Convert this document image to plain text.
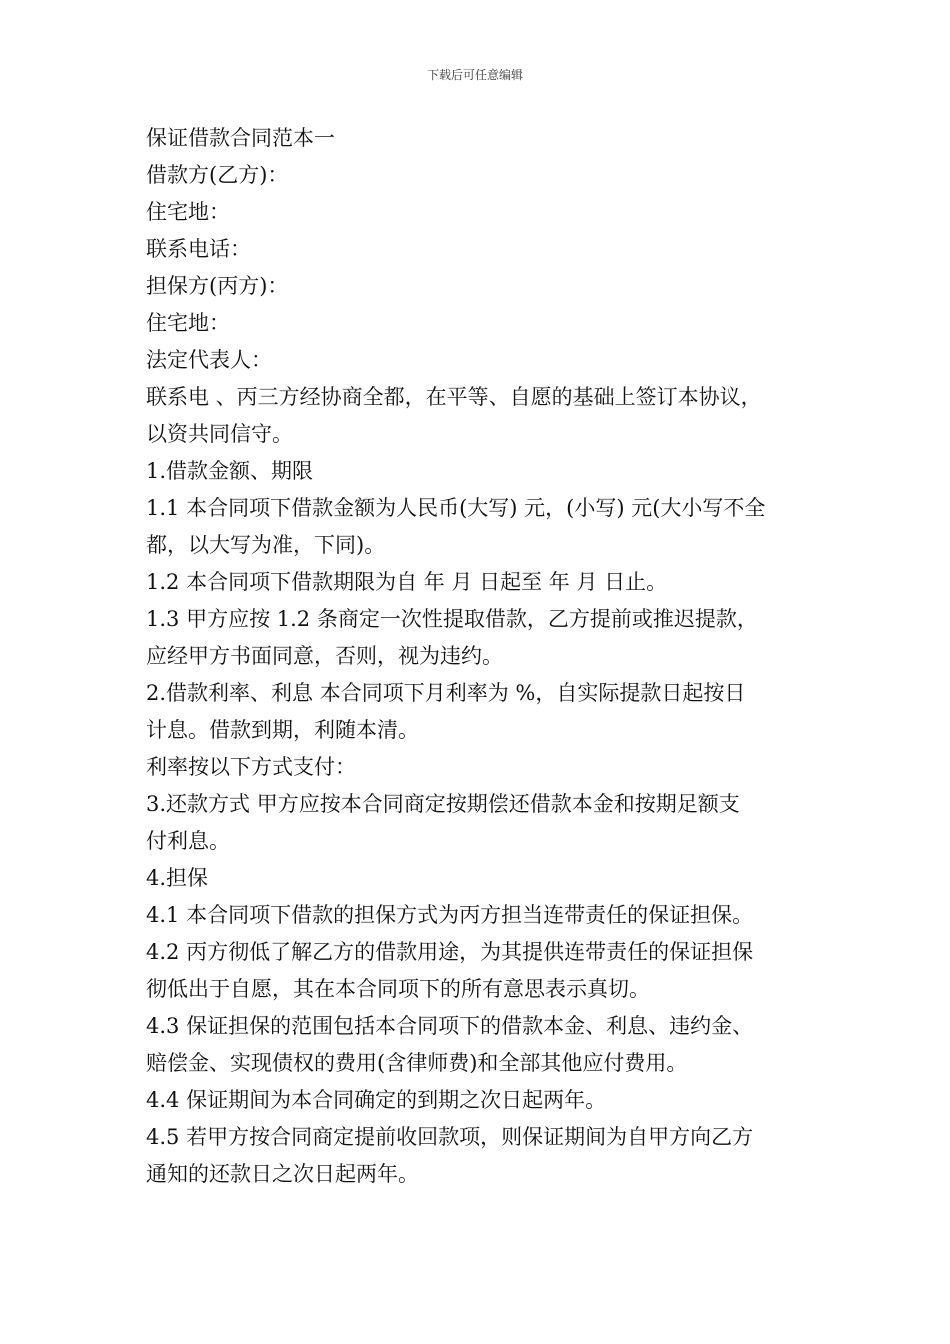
下载后可任意编辑
保证借款合同范本一
借款方(乙方)：
住宅地：
联系电话：
担保方(丙方)：
住宅地：
法定代表人：
联系电 、丙三方经协商全都，在平等、自愿的基础上签订本协议，
以资共同信守。
1.借款金额、期限
1.1 本合同项下借款金额为人民币(大写) 元，(小写) 元(大小写不全
都，以大写为准，下同)。
1.2 本合同项下借款期限为自 年 月 日起至 年 月 日止。
1.3 甲方应按 1.2 条商定一次性提取借款，乙方提前或推迟提款，
应经甲方书面同意，否则，视为违约。
2.借款利率、利息 本合同项下月利率为 %，自实际提款日起按日
计息。借款到期，利随本清。
利率按以下方式支付：
3.还款方式 甲方应按本合同商定按期偿还借款本金和按期足额支
付利息。
4.担保
4.1 本合同项下借款的担保方式为丙方担当连带责任的保证担保。
4.2 丙方彻低了解乙方的借款用途，为其提供连带责任的保证担保
彻低出于自愿，其在本合同项下的所有意思表示真切。
4.3 保证担保的范围包括本合同项下的借款本金、利息、违约金、
赔偿金、实现债权的费用(含律师费)和全部其他应付费用。
4.4 保证期间为本合同确定的到期之次日起两年。
4.5 若甲方按合同商定提前收回款项，则保证期间为自甲方向乙方
通知的还款日之次日起两年。
